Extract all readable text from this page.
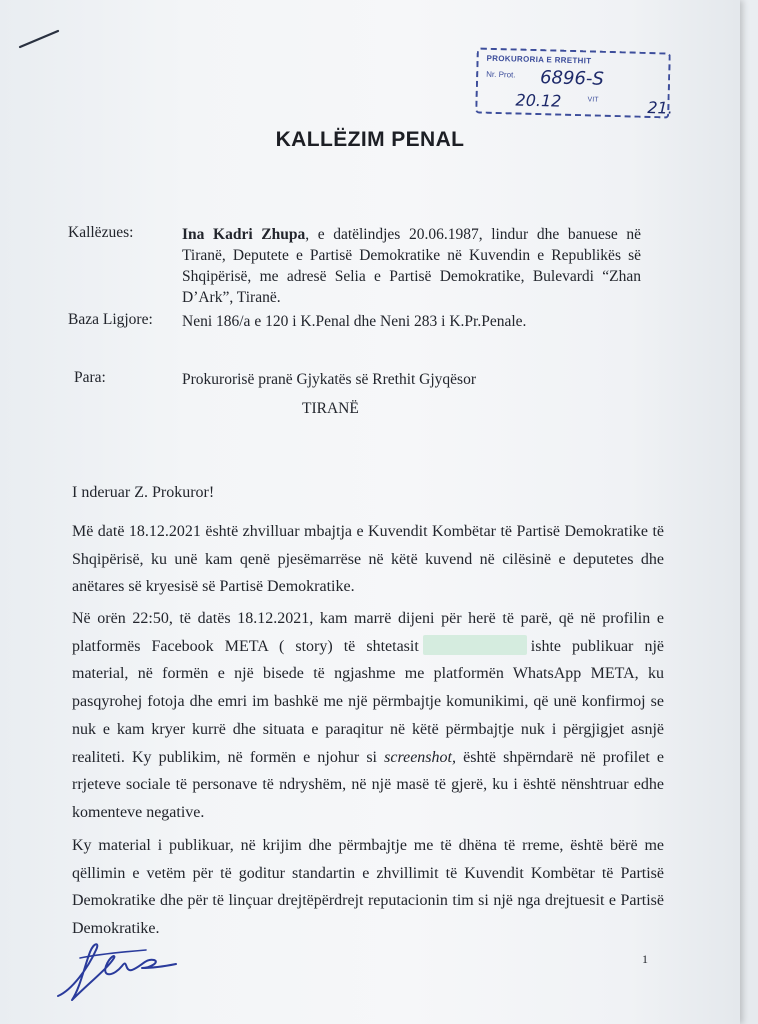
PROKURORIA E RRETHIT
Nr. Prot. 6896-S
20.12	VIT	21.
KALLËZIM PENAL
Kallëzues:	Ina Kadri Zhupa, e datëlindjes 20.06.1987, lindur dhe banuese në Tiranë, Deputete e Partisë Demokratike në Kuvendin e Republikës së Shqipërisë, me adresë Selia e Partisë Demokratike, Bulevardi “Zhan D’Ark”, Tiranë.
Baza Ligjore: Neni 186/a e 120 i K.Penal dhe Neni 283 i K.Pr.Penale.
Para:	Prokurorisë pranë Gjykatës së Rrethit Gjyqësor
TIRANË
I nderuar Z. Prokuror!
Më datë 18.12.2021 është zhvilluar mbajtja e Kuvendit Kombëtar të Partisë Demokratike të Shqipërisë, ku unë kam qenë pjesëmarrëse në këtë kuvend në cilësinë e deputetes dhe anëtares së kryesisë së Partisë Demokratike.
Në orën 22:50, të datës 18.12.2021, kam marrë dijeni për herë të parë, që në profilin e platformës Facebook META ( story) të shtetasit	ishte publikuar një material, në formën e një bisede të ngjashme me platformën WhatsApp META, ku pasqyrohej fotoja dhe emri im bashkë me një përmbajtje komunikimi, që unë konfirmoj se nuk e kam kryer kurrë dhe situata e paraqitur në këtë përmbajtje nuk i përgjigjet asnjë realiteti. Ky publikim, në formën e njohur si screenshot, është shpërndarë në profilet e rrjeteve sociale të personave të ndryshëm, në një masë të gjerë, ku i është nënshtruar edhe komenteve negative.
Ky material i publikuar, në krijim dhe përmbajtje me të dhëna të rreme, është bërë me qëllimin e vetëm për të goditur standartin e zhvillimit të Kuvendit Kombëtar të Partisë Demokratike dhe për të linçuar drejtëpërdrejt reputacionin tim si një nga drejtuesit e Partisë Demokratike.
1
